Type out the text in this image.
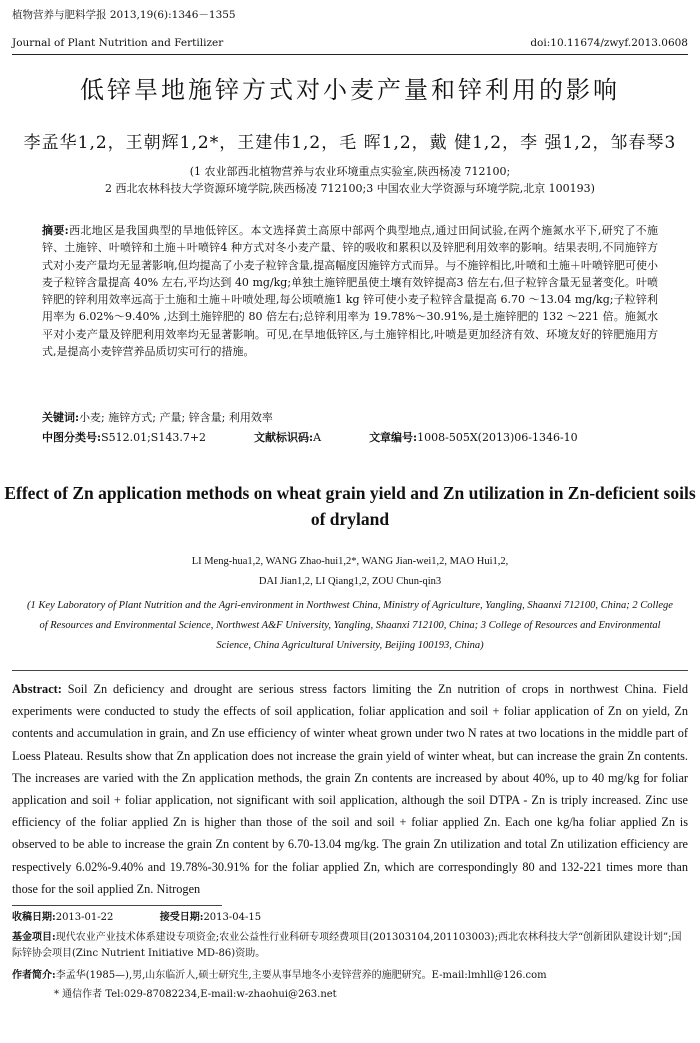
植物营养与肥料学报 2013,19(6):1346－1355
Journal of Plant Nutrition and Fertilizer	doi:10.11674/zwyf.2013.0608
低锌旱地施锌方式对小麦产量和锌利用的影响
李孟华1,2，王朝辉1,2*，王建伟1,2，毛 晖1,2，戴 健1,2，李 强1,2，邹春琴3
(1 农业部西北植物营养与农业环境重点实验室,陕西杨凌 712100;
2 西北农林科技大学资源环境学院,陕西杨凌 712100;3 中国农业大学资源与环境学院,北京 100193)
摘要:西北地区是我国典型的旱地低锌区。本文选择黄土高原中部两个典型地点,通过田间试验,在两个施氮水平下,研究了不施锌、土施锌、叶喷锌和土施＋叶喷锌4 种方式对冬小麦产量、锌的吸收和累积以及锌肥利用效率的影响。结果表明,不同施锌方式对小麦产量均无显著影响,但均提高了小麦子粒锌含量,提高幅度因施锌方式而异。与不施锌相比,叶喷和土施＋叶喷锌肥可使小麦子粒锌含量提高 40% 左右,平均达到 40 mg/kg;单独土施锌肥虽使土壤有效锌提高3 倍左右,但子粒锌含量无显著变化。叶喷锌肥的锌利用效率远高于土施和土施＋叶喷处理,每公顷喷施1 kg 锌可使小麦子粒锌含量提高 6.70 ～13.04 mg/kg;子粒锌利用率为 6.02%～9.40% ,达到土施锌肥的 80 倍左右;总锌利用率为 19.78%～30.91%,是土施锌肥的 132 ～221 倍。施氮水平对小麦产量及锌肥利用效率均无显著影响。可见,在旱地低锌区,与土施锌相比,叶喷是更加经济有效、环境友好的锌肥施用方式,是提高小麦锌营养品质切实可行的措施。
关键词:小麦; 施锌方式; 产量; 锌含量; 利用效率
中图分类号:S512.01;S143.7+2	文献标识码:A	文章编号:1008-505X(2013)06-1346-10
Effect of Zn application methods on wheat grain yield and Zn utilization in Zn-deficient soils of dryland
LI Meng-hua1,2, WANG Zhao-hui1,2*, WANG Jian-wei1,2, MAO Hui1,2,
DAI Jian1,2, LI Qiang1,2, ZOU Chun-qin3
(1 Key Laboratory of Plant Nutrition and the Agri-environment in Northwest China, Ministry of Agriculture, Yangling, Shaanxi 712100, China; 2 College of Resources and Environmental Science, Northwest A&F University, Yangling, Shaanxi 712100, China; 3 College of Resources and Environmental Science, China Agricultural University, Beijing 100193, China)
Abstract: Soil Zn deficiency and drought are serious stress factors limiting the Zn nutrition of crops in northwest China. Field experiments were conducted to study the effects of soil application, foliar application and soil + foliar application of Zn on yield, Zn contents and accumulation in grain, and Zn use efficiency of winter wheat grown under two N rates at two locations in the middle part of Loess Plateau. Results show that Zn application does not increase the grain yield of winter wheat, but can increase the grain Zn contents. The increases are varied with the Zn application methods, the grain Zn contents are increased by about 40%, up to 40 mg/kg for foliar application and soil + foliar application, not significant with soil application, although the soil DTPA - Zn is triply increased. Zinc use efficiency of the foliar applied Zn is higher than those of the soil and soil + foliar applied Zn. Each one kg/ha foliar applied Zn is observed to be able to increase the grain Zn content by 6.70-13.04 mg/kg. The grain Zn utilization and total Zn utilization efficiency are respectively 6.02%-9.40% and 19.78%-30.91% for the foliar applied Zn, which are correspondingly 80 and 132-221 times more than those for the soil applied Zn. Nitrogen
收稿日期:2013-01-22	接受日期:2013-04-15
基金项目:现代农业产业技术体系建设专项资金;农业公益性行业科研专项经费项目(201303104,201103003);西北农林科技大学“创新团队建设计划”;国际锌协会项目(Zinc Nutrient Initiative MD-86)资助。
作者简介:李孟华(1985—),男,山东临沂人,硕士研究生,主要从事旱地冬小麦锌营养的施肥研究。E-mail:lmhll@126.com
* 通信作者 Tel:029-87082234,E-mail:w-zhaohui@263.net
